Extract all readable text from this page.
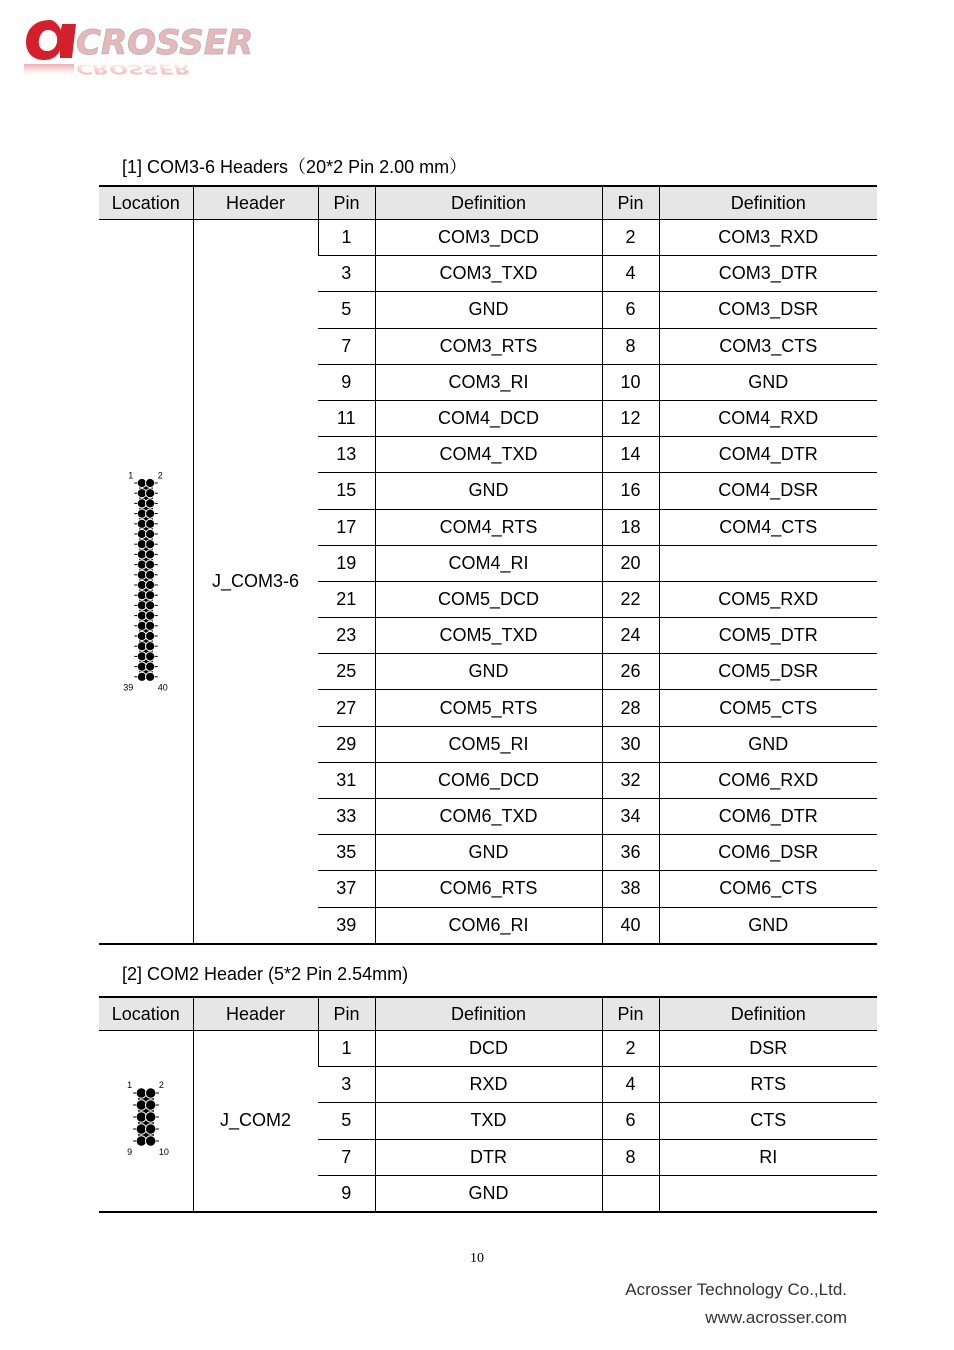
CROSSER
CROSSER
[1] COM3-6 Headers（20*2 Pin 2.00 mm）
Location	Header	Pin	Definition	Pin	Definition

1 2
39 40	J_COM3-6	1	COM3_DCD	2	COM3_RXD
		3	COM3_TXD	4	COM3_DTR
		5	GND	6	COM3_DSR
		7	COM3_RTS	8	COM3_CTS
		9	COM3_RI	10	GND
		11	COM4_DCD	12	COM4_RXD
		13	COM4_TXD	14	COM4_DTR
		15	GND	16	COM4_DSR
		17	COM4_RTS	18	COM4_CTS
		19	COM4_RI	20	
		21	COM5_DCD	22	COM5_RXD
		23	COM5_TXD	24	COM5_DTR
		25	GND	26	COM5_DSR
		27	COM5_RTS	28	COM5_CTS
		29	COM5_RI	30	GND
		31	COM6_DCD	32	COM6_RXD
		33	COM6_TXD	34	COM6_DTR
		35	GND	36	COM6_DSR
		37	COM6_RTS	38	COM6_CTS
		39	COM6_RI	40	GND
[2] COM2 Header (5*2 Pin 2.54mm)
Location	Header	Pin	Definition	Pin	Definition

1 2
9 10	J_COM2	1	DCD	2	DSR
		3	RXD	4	RTS
		5	TXD	6	CTS
		7	DTR	8	RI
		9	GND		
10
Acrosser Technology Co.,Ltd.
www.acrosser.com
